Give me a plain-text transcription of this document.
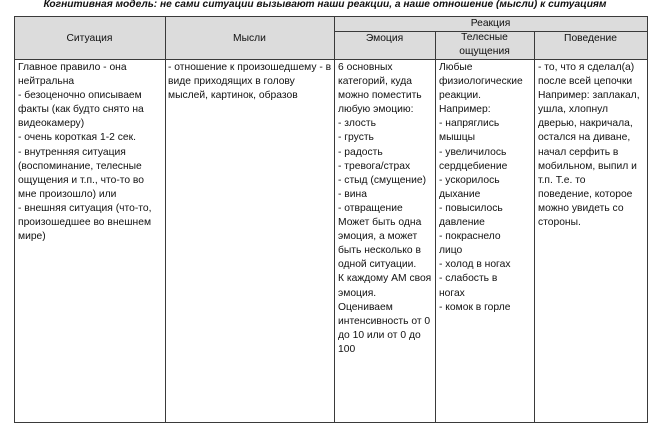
Когнитивная модель: не сами ситуации вызывают наши реакции, а наше отношение (мысли) к ситуациям
Ситуация	Мысли
Реакция
Эмоция	Телесные
ощущения
Поведение
Главное правило - она
нейтральна
- безоценочно описываем
факты (как будто снято на
видеокамеру)
- очень короткая 1-2 сек.
- внутренняя ситуация
(воспоминание, телесные
ощущения и т.п., что-то во
мне произошло) или
- внешняя ситуация (что-то,
произошедшее во внешнем
мире)
- отношение к произошедшему - в
виде приходящих в голову
мыслей, картинок, образов
6 основных
категорий, куда
можно поместить
любую эмоцию:
- злость
- грусть
- радость
- тревога/страх
- стыд (смущение)
- вина
- отвращение
Может быть одна
эмоция, а может
быть несколько в
одной ситуации.
К каждому АМ своя
эмоция.
Оцениваем
интенсивность от 0
до 10 или от 0 до
100
Любые
физиологические
реакции.
Например:
- напряглись
мышцы
- увеличилось
сердцебиение
- ускорилось
дыхание
- повысилось
давление
- покраснело
лицо
- холод в ногах
- слабость в
ногах
- комок в горле
- то, что я сделал(а)
после всей цепочки
Например: заплакал,
ушла, хлопнул
дверью, накричала,
остался на диване,
начал серфить в
мобильном, выпил и
т.п. Т.е. то
поведение, которое
можно увидеть со
стороны.
